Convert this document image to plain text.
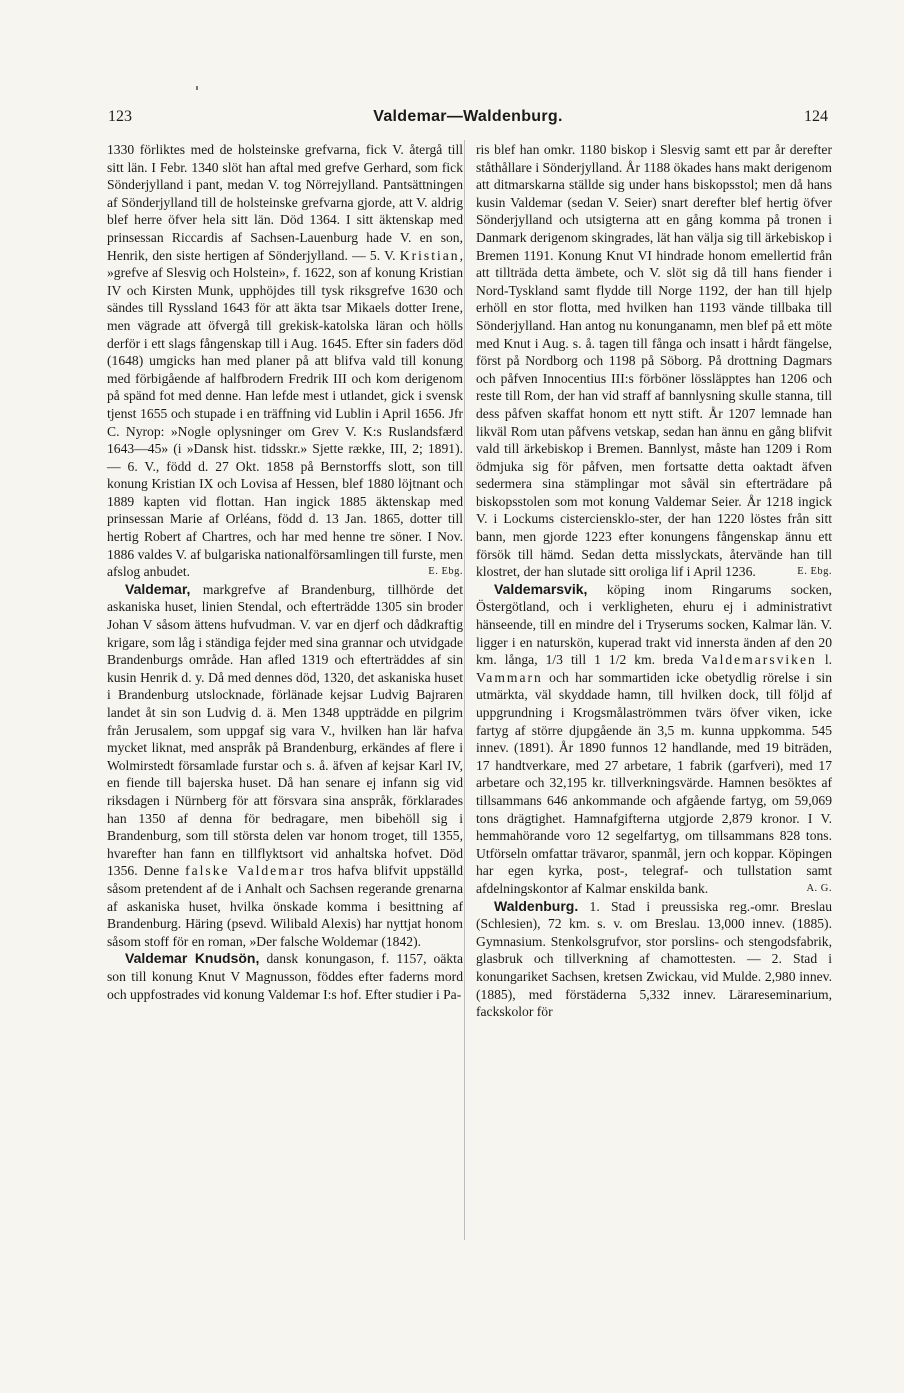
123	Valdemar—Waldenburg.	124

1330 förliktes med de holsteinske grefvarna, fick V. återgå till sitt län. I Febr. 1340 slöt han aftal med grefve Gerhard, som fick Sönderjylland i pant, medan V. tog Nörrejylland. Pantsättningen af Sönderjylland till de holsteinske grefvarna gjorde, att V. aldrig blef herre öfver hela sitt län. Död 1364. I sitt äktenskap med prinsessan Riccardis af Sachsen-Lauenburg hade V. en son, Henrik, den siste hertigen af Sönderjylland. — 5. V. Kristian, »grefve af Slesvig och Holstein», f. 1622, son af konung Kristian IV och Kirsten Munk, upphöjdes till tysk riksgrefve 1630 och sändes till Ryssland 1643 för att äkta tsar Mikaels dotter Irene, men vägrade att öfvergå till grekisk-katolska läran och hölls derför i ett slags fångenskap till i Aug. 1645. Efter sin faders död (1648) umgicks han med planer på att blifva vald till konung med förbigående af halfbrodern Fredrik III och kom derigenom på spänd fot med denne. Han lefde mest i utlandet, gick i svensk tjenst 1655 och stupade i en träffning vid Lublin i April 1656. Jfr C. Nyrop: »Nogle oplysninger om Grev V. K:s Ruslandsfærd 1643—45» (i »Dansk hist. tidsskr.» Sjette række, III, 2; 1891). — 6. V., född d. 27 Okt. 1858 på Bernstorffs slott, son till konung Kristian IX och Lovisa af Hessen, blef 1880 löjtnant och 1889 kapten vid flottan. Han ingick 1885 äktenskap med prinsessan Marie af Orléans, född d. 13 Jan. 1865, dotter till hertig Robert af Chartres, och har med henne tre söner. I Nov. 1886 valdes V. af bulgariska nationalförsamlingen till furste, men afslog anbudet.	E. Ebg.

Valdemar, markgrefve af Brandenburg, tillhörde det askaniska huset, linien Stendal, och efterträdde 1305 sin broder Johan V såsom ättens hufvudman. V. var en djerf och dådkraftig krigare, som låg i ständiga fejder med sina grannar och utvidgade Brandenburgs område. Han afled 1319 och efterträddes af sin kusin Henrik d. y. Då med dennes död, 1320, det askaniska huset i Brandenburg utslocknade, förlänade kejsar Ludvig Bajraren landet åt sin son Ludvig d. ä. Men 1348 uppträdde en pilgrim från Jerusalem, som uppgaf sig vara V., hvilken han lär hafva mycket liknat, med anspråk på Brandenburg, erkändes af flere i Wolmirstedt församlade furstar och s. å. äfven af kejsar Karl IV, en fiende till bajerska huset. Då han senare ej infann sig vid riksdagen i Nürnberg för att försvara sina anspråk, förklarades han 1350 af denna för bedragare, men bibehöll sig i Brandenburg, som till största delen var honom troget, till 1355, hvarefter han fann en tillflyktsort vid anhaltska hofvet. Död 1356. Denne falske Valdemar tros hafva blifvit uppställd såsom pretendent af de i Anhalt och Sachsen regerande grenarna af askaniska huset, hvilka önskade komma i besittning af Brandenburg. Häring (psevd. Wilibald Alexis) har nyttjat honom såsom stoff för en roman, »Der falsche Woldemar (1842).

Valdemar Knudsön, dansk konungason, f. 1157, oäkta son till konung Knut V Magnusson, föddes efter faderns mord och uppfostrades vid konung Valdemar I:s hof. Efter studier i Pa-

ris blef han omkr. 1180 biskop i Slesvig samt ett par år derefter ståthållare i Sönderjylland. År 1188 ökades hans makt derigenom att ditmarskarna ställde sig under hans biskopsstol; men då hans kusin Valdemar (sedan V. Seier) snart derefter blef hertig öfver Sönderjylland och utsigterna att en gång komma på tronen i Danmark derigenom skingrades, lät han välja sig till ärkebiskop i Bremen 1191. Konung Knut VI hindrade honom emellertid från att tillträda detta ämbete, och V. slöt sig då till hans fiender i Nord-Tyskland samt flydde till Norge 1192, der han till hjelp erhöll en stor flotta, med hvilken han 1193 vände tillbaka till Sönderjylland. Han antog nu konunganamn, men blef på ett möte med Knut i Aug. s. å. tagen till fånga och insatt i hårdt fängelse, först på Nordborg och 1198 på Söborg. På drottning Dagmars och påfven Innocentius III:s förböner lössläpptes han 1206 och reste till Rom, der han vid straff af bannlysning skulle stanna, till dess påfven skaffat honom ett nytt stift. År 1207 lemnade han likväl Rom utan påfvens vetskap, sedan han ännu en gång blifvit vald till ärkebiskop i Bremen. Bannlyst, måste han 1209 i Rom ödmjuka sig för påfven, men fortsatte detta oaktadt äfven sedermera sina stämplingar mot såväl sin efterträdare på biskopsstolen som mot konung Valdemar Seier. År 1218 ingick V. i Lockums cisterciensklo-ster, der han 1220 löstes från sitt bann, men gjorde 1223 efter konungens fångenskap ännu ett försök till hämd. Sedan detta misslyckats, återvände han till klostret, der han slutade sitt oroliga lif i April 1236.	E. Ebg.

Valdemarsvik, köping inom Ringarums socken, Östergötland, och i verkligheten, ehuru ej i administrativt hänseende, till en mindre del i Tryserums socken, Kalmar län. V. ligger i en naturskön, kuperad trakt vid innersta änden af den 20 km. långa, 1/3 till 1 1/2 km. breda Valdemarsviken l. Vammarn och har sommartiden icke obetydlig rörelse i sin utmärkta, väl skyddade hamn, till hvilken dock, till följd af uppgrundning i Krogsmålaströmmen tvärs öfver viken, icke fartyg af större djupgående än 3,5 m. kunna uppkomma. 545 innev. (1891). År 1890 funnos 12 handlande, med 19 biträden, 17 handtverkare, med 27 arbetare, 1 fabrik (garfveri), med 17 arbetare och 32,195 kr. tillverkningsvärde. Hamnen besöktes af tillsammans 646 ankommande och afgående fartyg, om 59,069 tons drägtighet. Hamnafgifterna utgjorde 2,879 kronor. I V. hemmahörande voro 12 segelfartyg, om tillsammans 828 tons. Utförseln omfattar trävaror, spanmål, jern och koppar. Köpingen har egen kyrka, post-, telegraf- och tullstation samt afdelningskontor af Kalmar enskilda bank.	A. G.

Waldenburg. 1. Stad i preussiska reg.-omr. Breslau (Schlesien), 72 km. s. v. om Breslau. 13,000 innev. (1885). Gymnasium. Stenkolsgrufvor, stor porslins- och stengodsfabrik, glasbruk och tillverkning af chamottesten. — 2. Stad i konungariket Sachsen, kretsen Zwickau, vid Mulde. 2,980 innev. (1885), med förstäderna 5,332 innev. Lärareseminarium, fackskolor för
